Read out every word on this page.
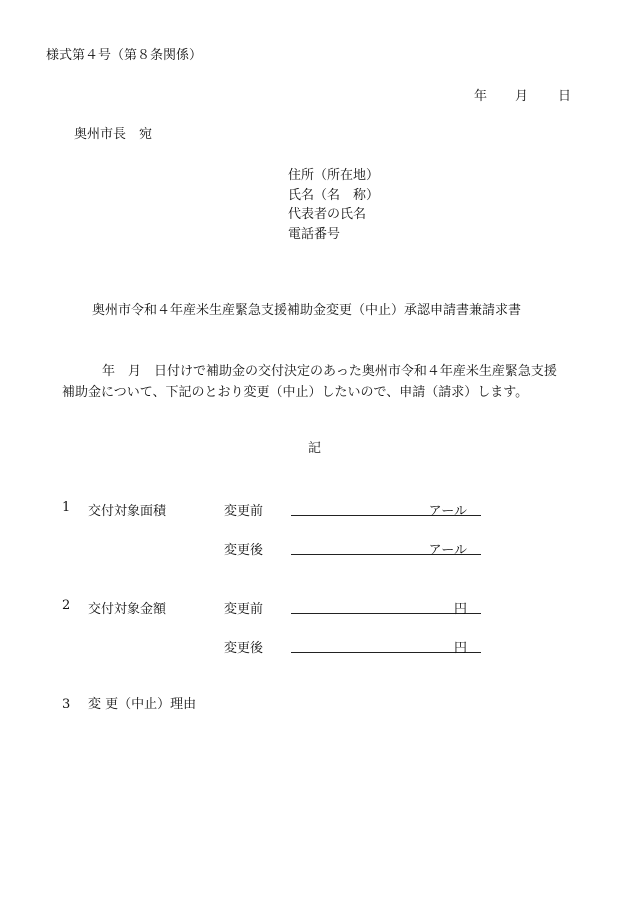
様式第４号（第８条関係）
年 月 日
奥州市長　宛
住所（所在地）
氏名（名　称）
代表者の氏名
電話番号
奥州市令和４年産米生産緊急支援補助金変更（中止）承認申請書兼請求書
年　月　日付けで補助金の交付決定のあった奥州市令和４年産米生産緊急支援
補助金について、下記のとおり変更（中止）したいので、申請（請求）します。
記
1 交付対象面積	変更前	アール
変更後	アール
2 交付対象金額	変更前	円
変更後	円
3 変 更（中止）理由
